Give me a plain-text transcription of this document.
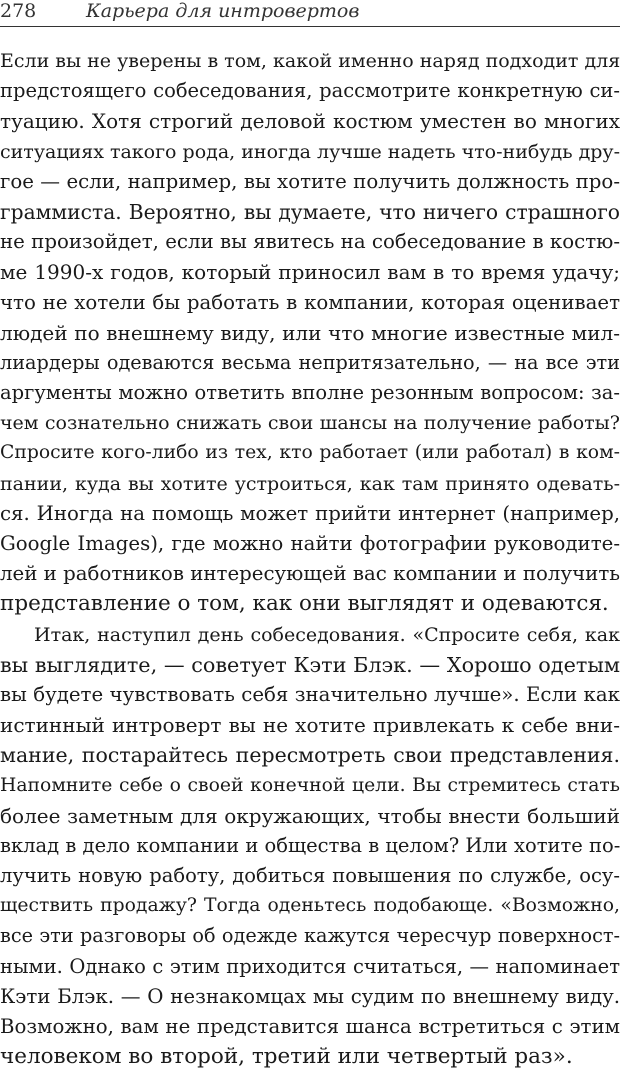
278	Карьера для интровертов
Если вы не уверены в том, какой именно наряд подходит для
предстоящего собеседования, рассмотрите конкретную си-
туацию. Хотя строгий деловой костюм уместен во многих
ситуациях такого рода, иногда лучше надеть что-нибудь дру-
гое — если, например, вы хотите получить должность про-
граммиста. Вероятно, вы думаете, что ничего страшного
не произойдет, если вы явитесь на собеседование в костю-
ме 1990-х годов, который приносил вам в то время удачу;
что не хотели бы работать в компании, которая оценивает
людей по внешнему виду, или что многие известные мил-
лиардеры одеваются весьма непритязательно, — на все эти
аргументы можно ответить вполне резонным вопросом: за-
чем сознательно снижать свои шансы на получение работы?
Спросите кого-либо из тех, кто работает (или работал) в ком-
пании, куда вы хотите устроиться, как там принято одевать-
ся. Иногда на помощь может прийти интернет (например,
Google Images), где можно найти фотографии руководите-
лей и работников интересующей вас компании и получить
представление о том, как они выглядят и одеваются.
Итак, наступил день собеседования. «Спросите себя, как
вы выглядите, — советует Кэти Блэк. — Хорошо одетым
вы будете чувствовать себя значительно лучше». Если как
истинный интроверт вы не хотите привлекать к себе вни-
мание, постарайтесь пересмотреть свои представления.
Напомните себе о своей конечной цели. Вы стремитесь стать
более заметным для окружающих, чтобы внести больший
вклад в дело компании и общества в целом? Или хотите по-
лучить новую работу, добиться повышения по службе, осу-
ществить продажу? Тогда оденьтесь подобающе. «Возможно,
все эти разговоры об одежде кажутся чересчур поверхност-
ными. Однако с этим приходится считаться, — напоминает
Кэти Блэк. — О незнакомцах мы судим по внешнему виду.
Возможно, вам не представится шанса встретиться с этим
человеком во второй, третий или четвертый раз».
